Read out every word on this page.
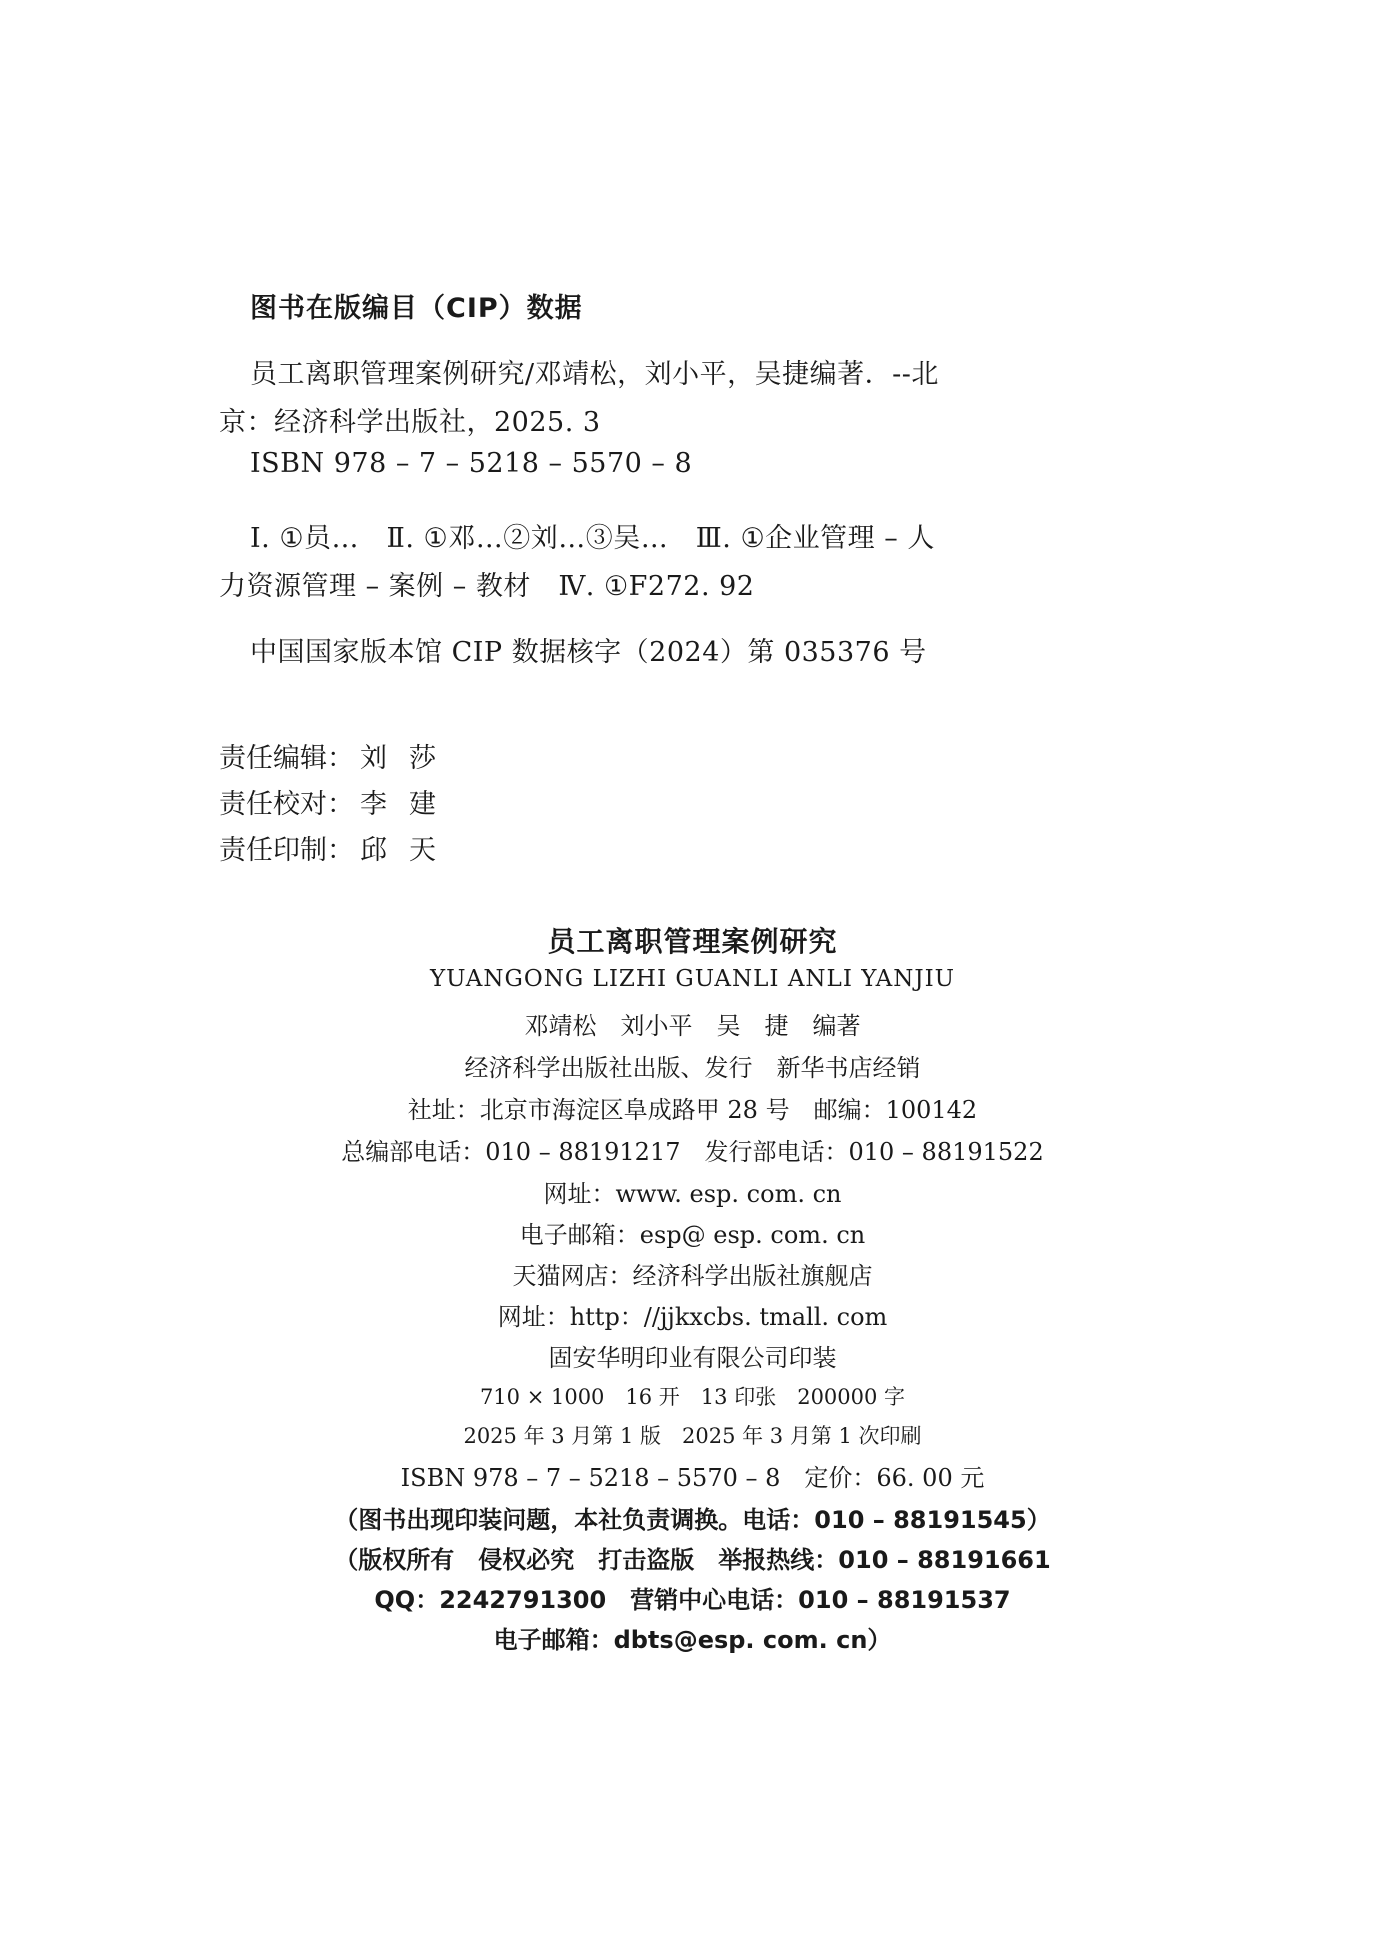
图书在版编目（CIP）数据
员工离职管理案例研究/邓靖松，刘小平，吴捷编著．--北
京：经济科学出版社，2025. 3
ISBN 978 – 7 – 5218 – 5570 – 8
Ⅰ. ①员…　Ⅱ. ①邓…②刘…③吴…　Ⅲ. ①企业管理 – 人
力资源管理 – 案例 – 教材　Ⅳ. ①F272. 92
中国国家版本馆 CIP 数据核字（2024）第 035376 号
责任编辑： 刘莎
责任校对： 李建
责任印制： 邱天
员工离职管理案例研究
YUANGONG LIZHI GUANLI ANLI YANJIU
邓靖松　刘小平　吴　捷　编著
经济科学出版社出版、发行　新华书店经销
社址：北京市海淀区阜成路甲 28 号　邮编：100142
总编部电话：010 – 88191217　发行部电话：010 – 88191522
网址：www. esp. com. cn
电子邮箱：esp@ esp. com. cn
天猫网店：经济科学出版社旗舰店
网址：http：//jjkxcbs. tmall. com
固安华明印业有限公司印装
710 × 1000　16 开　13 印张　200000 字
2025 年 3 月第 1 版　2025 年 3 月第 1 次印刷
ISBN 978 – 7 – 5218 – 5570 – 8　定价：66. 00 元
（图书出现印装问题，本社负责调换。电话：010 – 88191545）
（版权所有　侵权必究　打击盗版　举报热线：010 – 88191661
QQ：2242791300　营销中心电话：010 – 88191537
电子邮箱：dbts@esp. com. cn）
